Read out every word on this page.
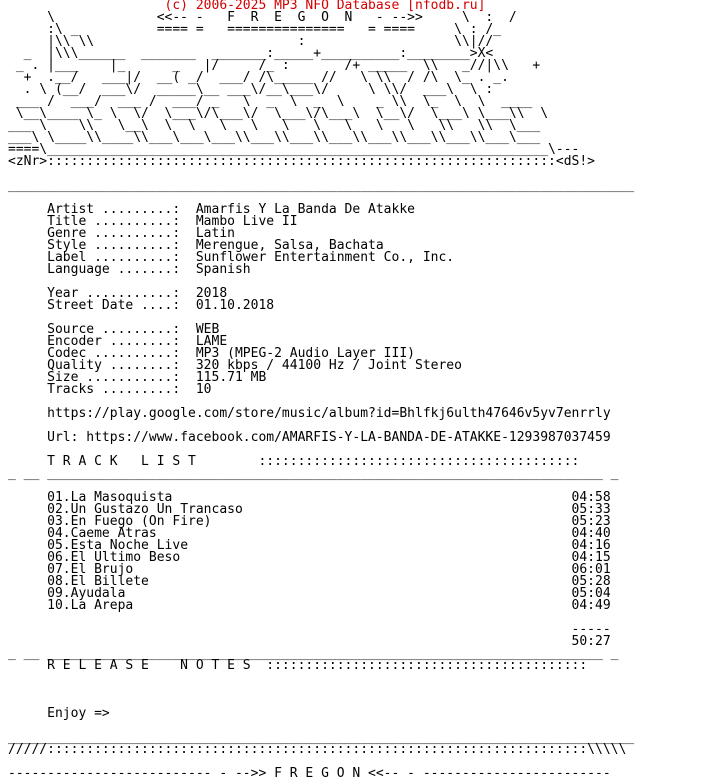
(c) 2006-2025 MP3 NFO Database [nfodb.ru]
\             <<-- -   F  R  E  G  O  N   - -->>     \  :  /
:\ _          ==== =   ===============   = ====     \ : /_
|\\ \\                          :                   \\|//
_  |\\\______  _______  _______:_____+__________:________>X<
_ . |___    |_      _   |/     /_ :       /+ _____  \\   _//|\\   +
+  .__/   ___|/  __( _/  ___/ /\_____ //   \ \\  / /\  \_ . _.
. \ (__/  ___\/  _____\__ ___\/__\___\/     \ \\/  ___\  \ :
___ /  ___/  ___ /  ___/ _   \  _  \  _  \    _ \\  \_  \  \  ____
\__\____ \_ \  \/  \___\/\___\/  \___\/\___\  \__\/  \___\ \___\\  \
___ \    \\   \__\  \  \   \   \   \   \   \   \   \   \\   \\  \___
___\ \____\\____\\___\___\___\\___\\___\\___\\___\\___\\___\\___\___
====\________________________________________________________________\---
<zNr>:::::::::::::::::::::::::::::::::::::::::::::::::::::::::::::::::<dS!>

________________________________________________________________________________

Artist .........:  Amarfis Y La Banda De Atakke
Title ..........:  Mambo Live II
Genre ..........:  Latin
Style ..........:  Merengue, Salsa, Bachata
Label ..........:  Sunflower Entertainment Co., Inc.
Language .......:  Spanish

Year ...........:  2018
Street Date ....:  01.10.2018

Source .........:  WEB
Encoder ........:  LAME
Codec ..........:  MP3 (MPEG-2 Audio Layer III)
Quality ........:  320 kbps / 44100 Hz / Joint Stereo
Size ...........:  115.71 MB
Tracks .........:  10

https://play.google.com/store/music/album?id=Bhlfkj6ulth47646v5yv7enrrly

Url: https://www.facebook.com/AMARFIS-Y-LA-BANDA-DE-ATAKKE-1293987037459

T R A C K   L I S T        :::::::::::::::::::::::::::::::::::::::::
_ __ _______________________________________________________________________ _

01.La Masoquista	04:58
02.Un Gustazo Un Trancaso	05:33
03.En Fuego (On Fire)	05:23
04.Caeme Atras	04:40
05.Esta Noche Live	04:16
06.El Ultimo Beso	04:15
07.El Brujo	06:01
08.El Billete	05:28
09.Ayudala	05:04
10.La Arepa	04:49

-----
50:27
_ __ _______________________________________________________________________ _
R E L E A S E    N O T E S  :::::::::::::::::::::::::::::::::::::::::

Enjoy =>

________________________________________________________________________________
/////:::::::::::::::::::::::::::::::::::::::::::::::::::::::::::::::::::::\\\\\

-------------------------- - -->> F R E G O N <<-- - ------------------------
